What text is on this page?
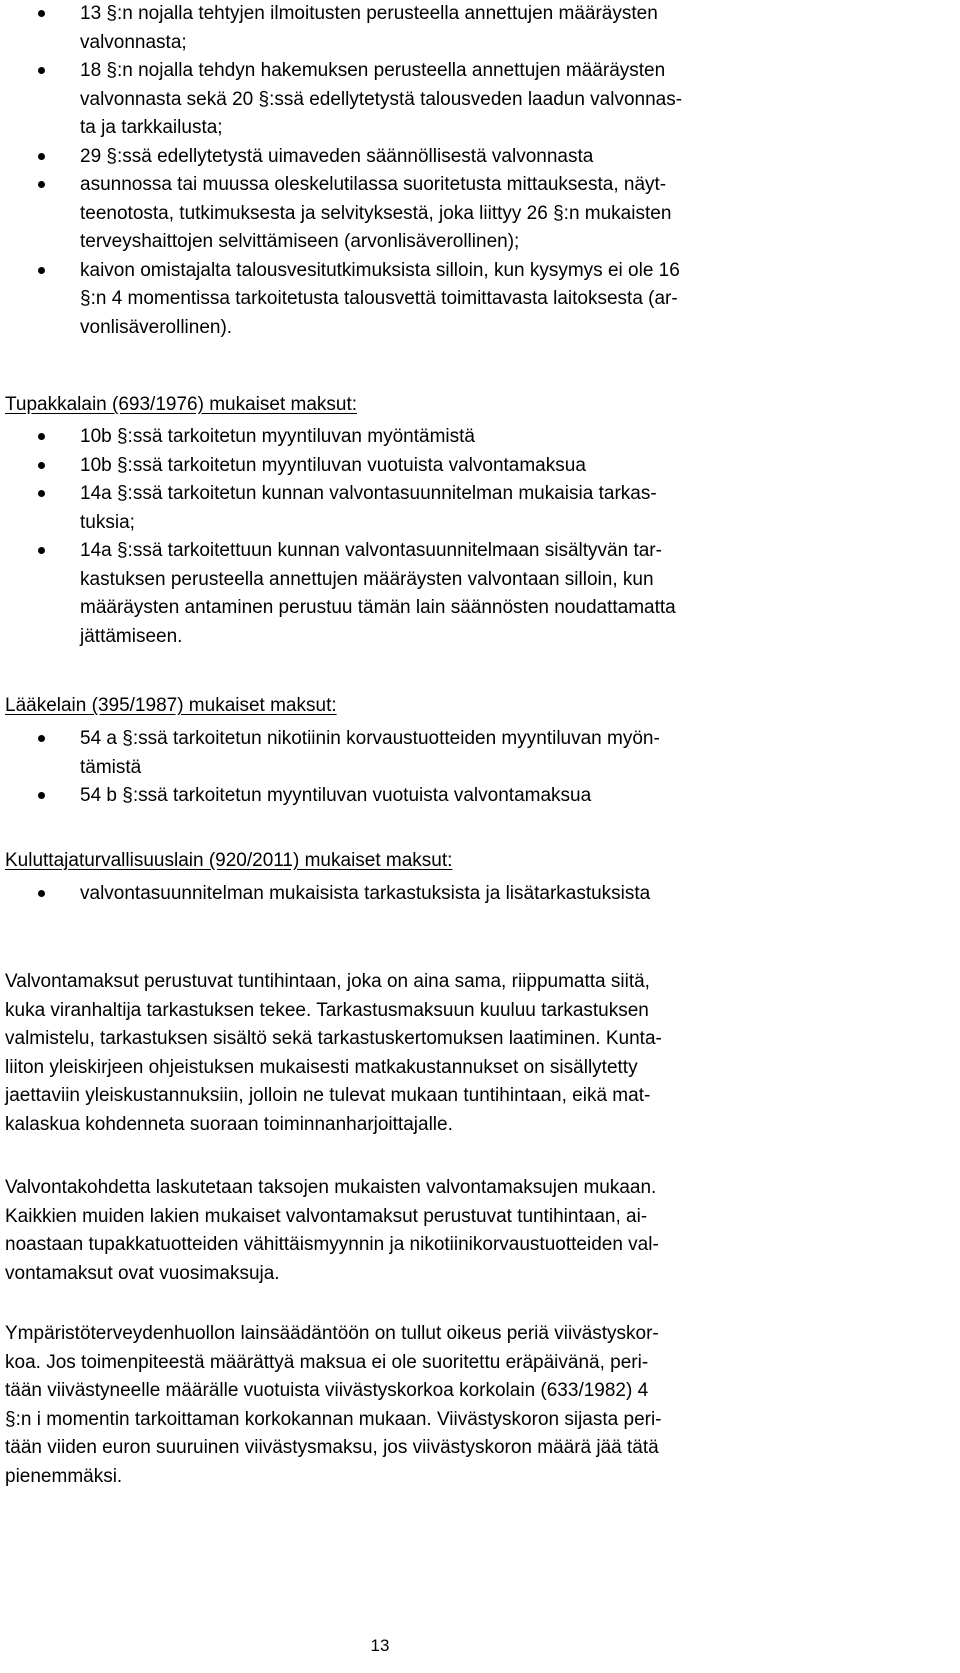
13 §:n nojalla tehtyjen ilmoitusten perusteella annettujen määräysten
valvonnasta;
18 §:n nojalla tehdyn hakemuksen perusteella annettujen määräysten
valvonnasta sekä 20 §:ssä edellytetystä talousveden laadun valvonnas-
ta ja tarkkailusta;
29 §:ssä edellytetystä uimaveden säännöllisestä valvonnasta
asunnossa tai muussa oleskelutilassa suoritetusta mittauksesta, näyt-
teenotosta, tutkimuksesta ja selvityksestä, joka liittyy 26 §:n mukaisten
terveyshaittojen selvittämiseen (arvonlisäverollinen);
kaivon omistajalta talousvesitutkimuksista silloin, kun kysymys ei ole 16
§:n 4 momentissa tarkoitetusta talousvettä toimittavasta laitoksesta (ar-
vonlisäverollinen).
Tupakkalain (693/1976) mukaiset maksut:
10b §:ssä tarkoitetun myyntiluvan myöntämistä
10b §:ssä tarkoitetun myyntiluvan vuotuista valvontamaksua
14a §:ssä tarkoitetun kunnan valvontasuunnitelman mukaisia tarkas-
tuksia;
14a §:ssä tarkoitettuun kunnan valvontasuunnitelmaan sisältyvän tar-
kastuksen perusteella annettujen määräysten valvontaan silloin, kun
määräysten antaminen perustuu tämän lain säännösten noudattamatta
jättämiseen.
Lääkelain (395/1987) mukaiset maksut:
54 a §:ssä tarkoitetun nikotiinin korvaustuotteiden myyntiluvan myön-
tämistä
54 b §:ssä tarkoitetun myyntiluvan vuotuista valvontamaksua
Kuluttajaturvallisuuslain (920/2011) mukaiset maksut:
valvontasuunnitelman mukaisista tarkastuksista ja lisätarkastuksista

Valvontamaksut perustuvat tuntihintaan, joka on aina sama, riippumatta siitä,
kuka viranhaltija tarkastuksen tekee. Tarkastusmaksuun kuuluu tarkastuksen
valmistelu, tarkastuksen sisältö sekä tarkastuskertomuksen laatiminen. Kunta-
liiton yleiskirjeen ohjeistuksen mukaisesti matkakustannukset on sisällytetty
jaettaviin yleiskustannuksiin, jolloin ne tulevat mukaan tuntihintaan, eikä mat-
kalaskua kohdenneta suoraan toiminnanharjoittajalle.

Valvontakohdetta laskutetaan taksojen mukaisten valvontamaksujen mukaan.
Kaikkien muiden lakien mukaiset valvontamaksut perustuvat tuntihintaan, ai-
noastaan tupakkatuotteiden vähittäismyynnin ja nikotiinikorvaustuotteiden val-
vontamaksut ovat vuosimaksuja.

Ympäristöterveydenhuollon lainsäädäntöön on tullut oikeus periä viivästyskor-
koa. Jos toimenpiteestä määrättyä maksua ei ole suoritettu eräpäivänä, peri-
tään viivästyneelle määrälle vuotuista viivästyskorkoa korkolain (633/1982) 4
§:n i momentin tarkoittaman korkokannan mukaan. Viivästyskoron sijasta peri-
tään viiden euron suuruinen viivästysmaksu, jos viivästyskoron määrä jää tätä
pienemmäksi.

13
